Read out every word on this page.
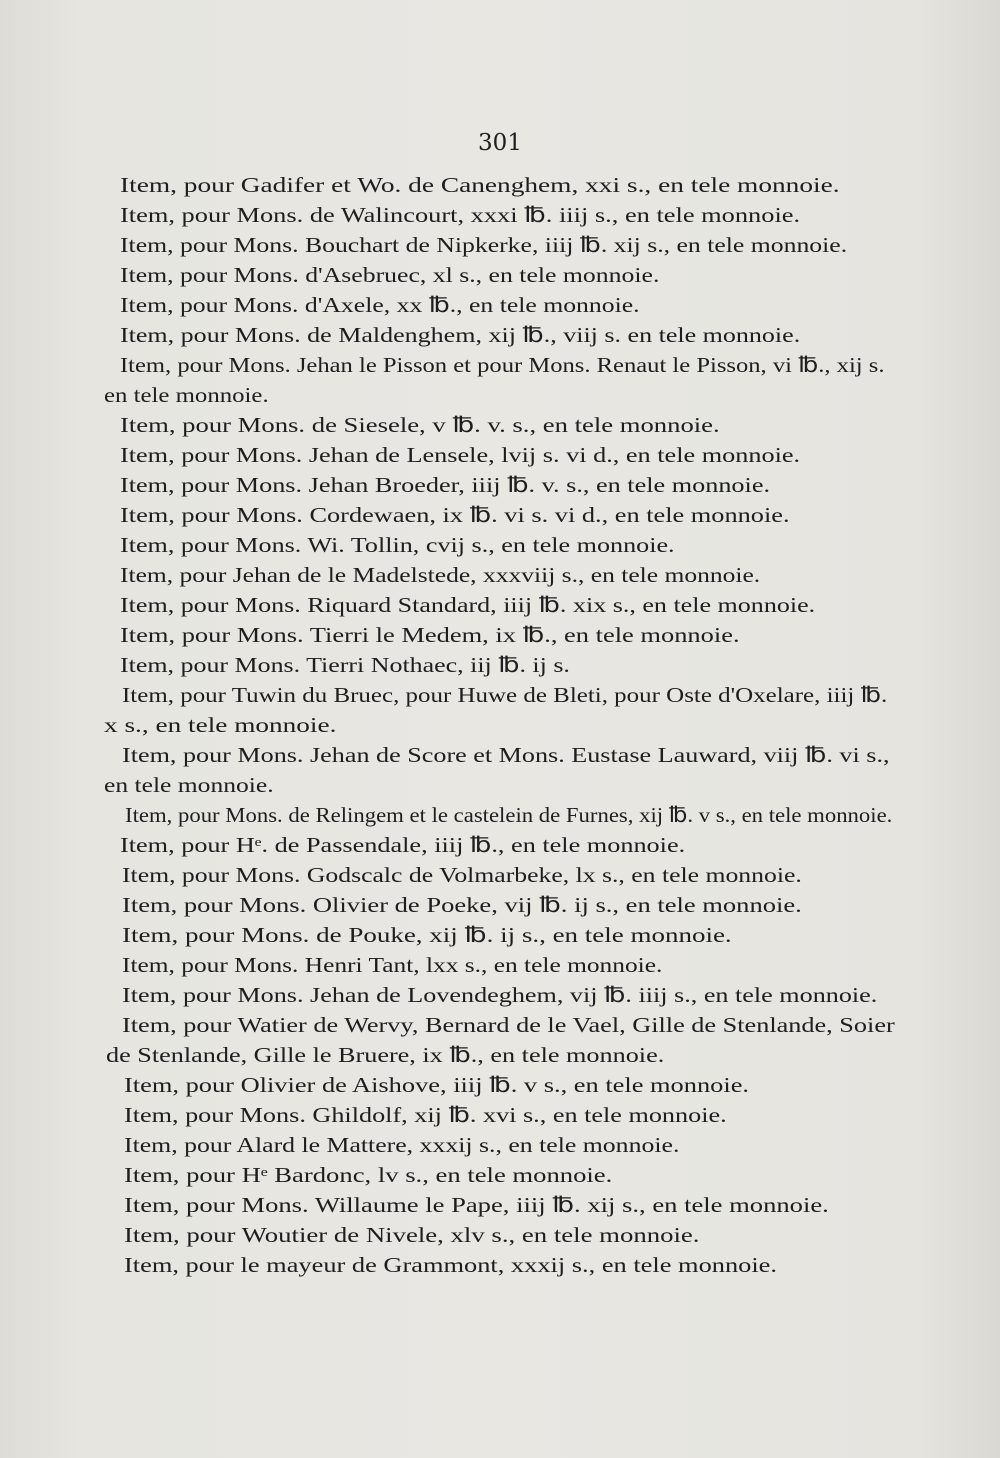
301
Item, pour Gadifer et Wo. de Canenghem, xxi s., en tele monnoie.
Item, pour Mons. de Walincourt, xxxi ℔. iiij s., en tele monnoie.
Item, pour Mons. Bouchart de Nipkerke, iiij ℔. xij s., en tele monnoie.
Item, pour Mons. d'Asebruec, xl s., en tele monnoie.
Item, pour Mons. d'Axele, xx ℔., en tele monnoie.
Item, pour Mons. de Maldenghem, xij ℔., viij s. en tele monnoie.
Item, pour Mons. Jehan le Pisson et pour Mons. Renaut le Pisson, vi ℔., xij s.
en tele monnoie.
Item, pour Mons. de Siesele, v ℔. v. s., en tele monnoie.
Item, pour Mons. Jehan de Lensele, lvij s. vi d., en tele monnoie.
Item, pour Mons. Jehan Broeder, iiij ℔. v. s., en tele monnoie.
Item, pour Mons. Cordewaen, ix ℔. vi s. vi d., en tele monnoie.
Item, pour Mons. Wi. Tollin, cvij s., en tele monnoie.
Item, pour Jehan de le Madelstede, xxxviij s., en tele monnoie.
Item, pour Mons. Riquard Standard, iiij ℔. xix s., en tele monnoie.
Item, pour Mons. Tierri le Medem, ix ℔., en tele monnoie.
Item, pour Mons. Tierri Nothaec, iij ℔. ij s.
Item, pour Tuwin du Bruec, pour Huwe de Bleti, pour Oste d'Oxelare, iiij ℔.
x s., en tele monnoie.
Item, pour Mons. Jehan de Score et Mons. Eustase Lauward, viij ℔. vi s.,
en tele monnoie.
Item, pour Mons. de Relingem et le castelein de Furnes, xij ℔. v s., en tele monnoie.
Item, pour Hᵉ. de Passendale, iiij ℔., en tele monnoie.
Item, pour Mons. Godscalc de Volmarbeke, lx s., en tele monnoie.
Item, pour Mons. Olivier de Poeke, vij ℔. ij s., en tele monnoie.
Item, pour Mons. de Pouke, xij ℔. ij s., en tele monnoie.
Item, pour Mons. Henri Tant, lxx s., en tele monnoie.
Item, pour Mons. Jehan de Lovendeghem, vij ℔. iiij s., en tele monnoie.
Item, pour Watier de Wervy, Bernard de le Vael, Gille de Stenlande, Soier
de Stenlande, Gille le Bruere, ix ℔., en tele monnoie.
Item, pour Olivier de Aishove, iiij ℔. v s., en tele monnoie.
Item, pour Mons. Ghildolf, xij ℔. xvi s., en tele monnoie.
Item, pour Alard le Mattere, xxxij s., en tele monnoie.
Item, pour Hᵉ Bardonc, lv s., en tele monnoie.
Item, pour Mons. Willaume le Pape, iiij ℔. xij s., en tele monnoie.
Item, pour Woutier de Nivele, xlv s., en tele monnoie.
Item, pour le mayeur de Grammont, xxxij s., en tele monnoie.
